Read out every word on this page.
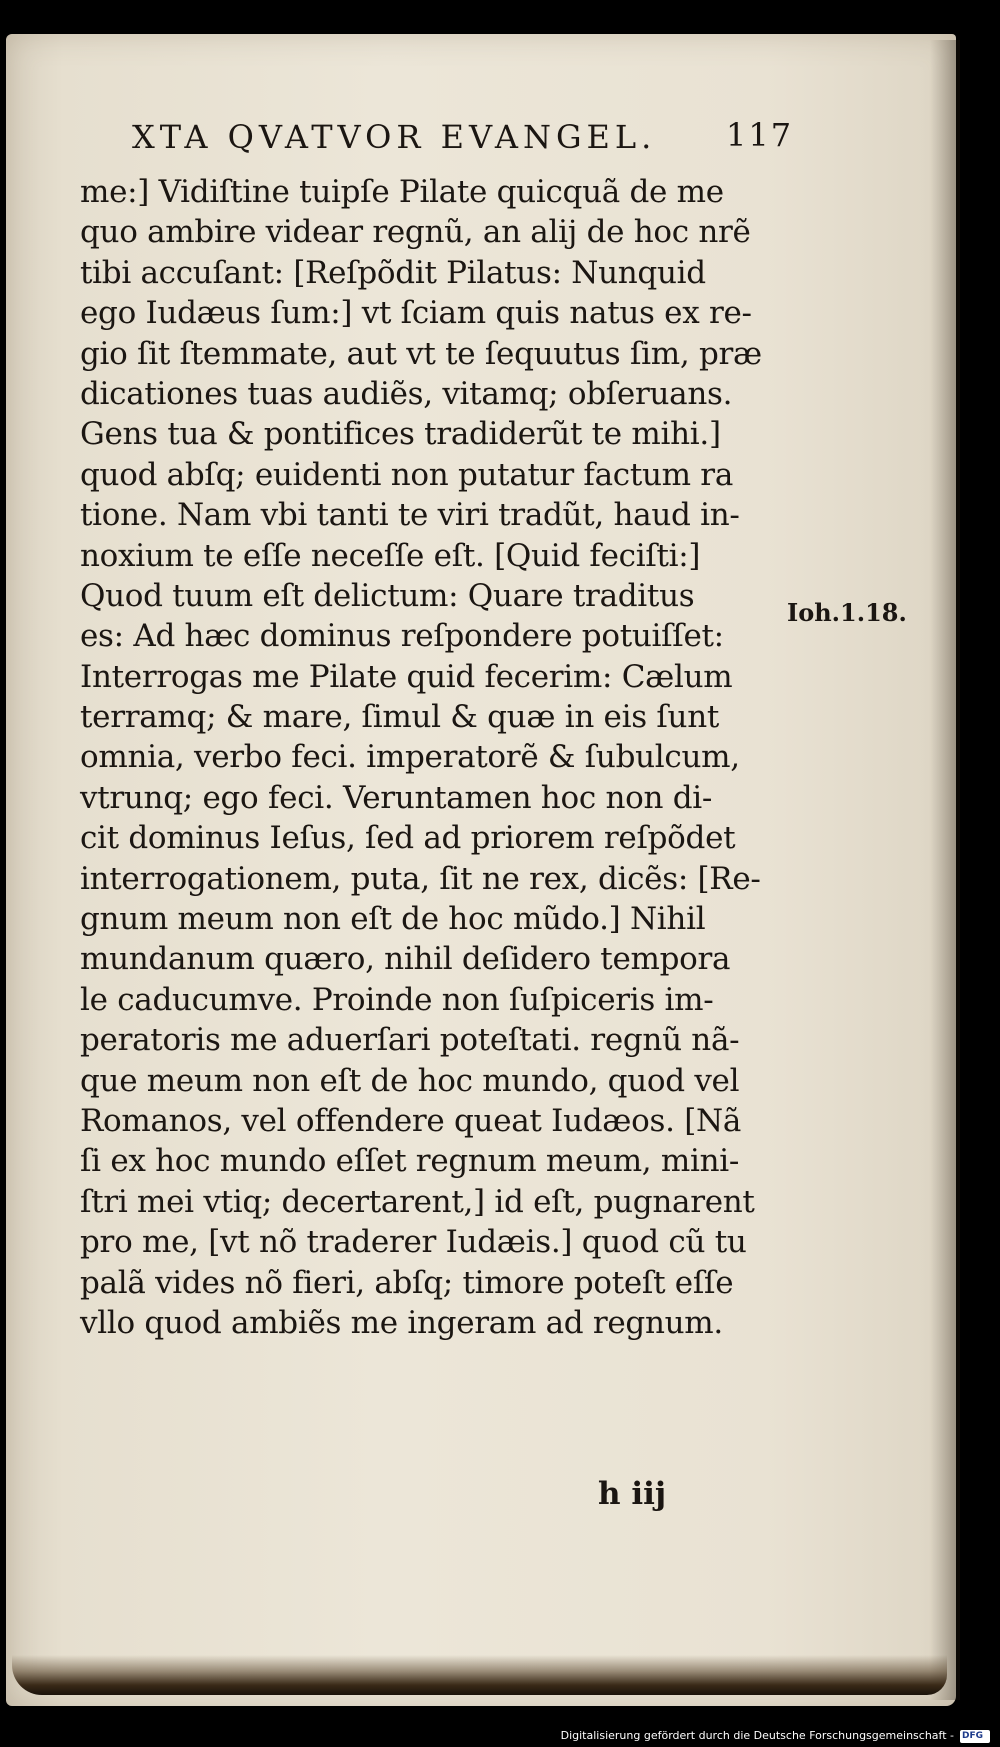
XTA QVATVOR EVANGEL. 117
me:] Vidiſtine tuipſe Pilate quicquã de me
quo ambire videar regnũ, an alij de hoc nrẽ
tibi accuſant: [Reſpõdit Pilatus: Nunquid
ego Iudæus ſum:] vt ſciam quis natus ex re-
gio ſit ſtemmate, aut vt te ſequutus ſim, præ
dicationes tuas audiẽs, vitamq; obſeruans.
Gens tua & pontifices tradiderũt te mihi.]
quod abſq; euidenti non putatur factum ra
tione. Nam vbi tanti te viri tradũt, haud in-
noxium te eſſe neceſſe eſt. [Quid feciſti:]
Quod tuum eſt delictum: Quare traditus
es: Ad hæc dominus reſpondere potuiſſet:
Interrogas me Pilate quid fecerim: Cælum
terramq; & mare, ſimul & quæ in eis ſunt
omnia, verbo feci. imperatorẽ & ſubulcum,
vtrunq; ego feci. Veruntamen hoc non di-
cit dominus Ieſus, ſed ad priorem reſpõdet
interrogationem, puta, ſit ne rex, dicẽs: [Re-
gnum meum non eſt de hoc mũdo.] Nihil
mundanum quæro, nihil deſidero tempora
le caducumve. Proinde non ſuſpiceris im-
peratoris me aduerſari poteſtati. regnũ nã-
que meum non eſt de hoc mundo, quod vel
Romanos, vel offendere queat Iudæos. [Nã
ſi ex hoc mundo eſſet regnum meum, mini-
ſtri mei vtiq; decertarent,] id eſt, pugnarent
pro me, [vt nõ traderer Iudæis.] quod cũ tu
palã vides nõ fieri, abſq; timore poteſt eſſe
vllo quod ambiẽs me ingeram ad regnum.
Ioh.1.18.
h iij
Digitalisierung gefördert durch die Deutsche Forschungsgemeinschaft - DFG
